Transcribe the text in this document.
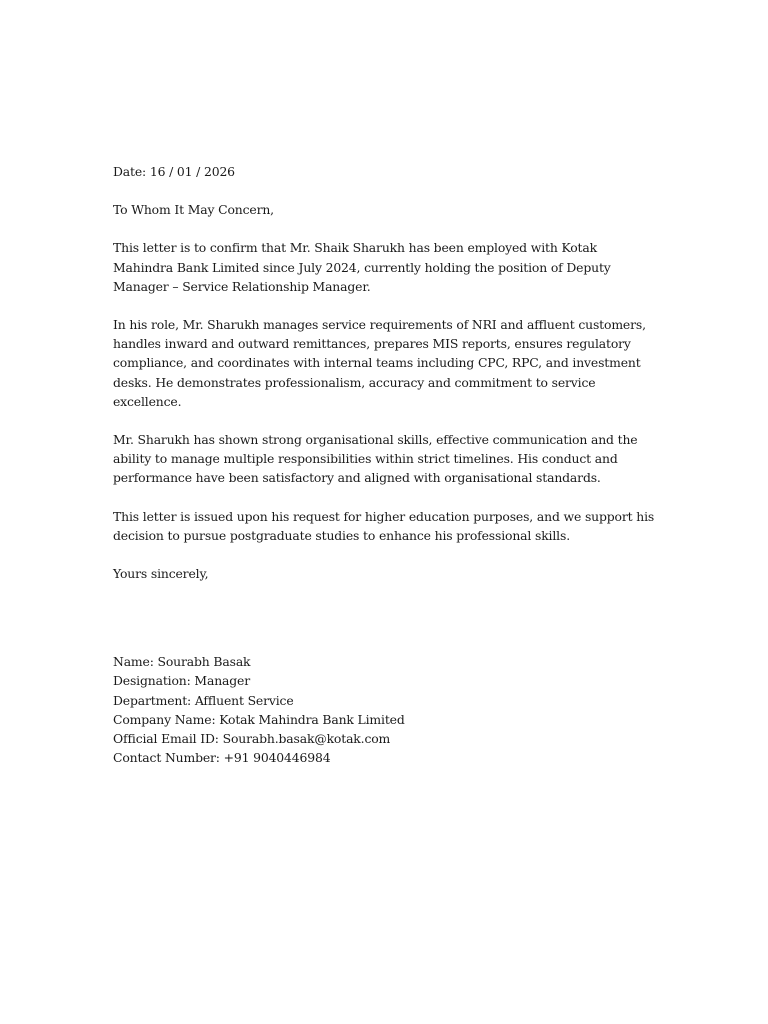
Date: 16 / 01 / 2026

To Whom It May Concern,

This letter is to confirm that Mr. Shaik Sharukh has been employed with Kotak Mahindra Bank Limited since July 2024, currently holding the position of Deputy Manager – Service Relationship Manager.

In his role, Mr. Sharukh manages service requirements of NRI and affluent customers, handles inward and outward remittances, prepares MIS reports, ensures regulatory compliance, and coordinates with internal teams including CPC, RPC, and investment desks. He demonstrates professionalism, accuracy and commitment to service excellence.

Mr. Sharukh has shown strong organisational skills, effective communication and the ability to manage multiple responsibilities within strict timelines. His conduct and performance have been satisfactory and aligned with organisational standards.

This letter is issued upon his request for higher education purposes, and we support his decision to pursue postgraduate studies to enhance his professional skills.

Yours sincerely,

Name: Sourabh Basak

Designation: Manager

Department: Affluent Service

Company Name: Kotak Mahindra Bank Limited

Official Email ID: Sourabh.basak@kotak.com

Contact Number: +91 9040446984
